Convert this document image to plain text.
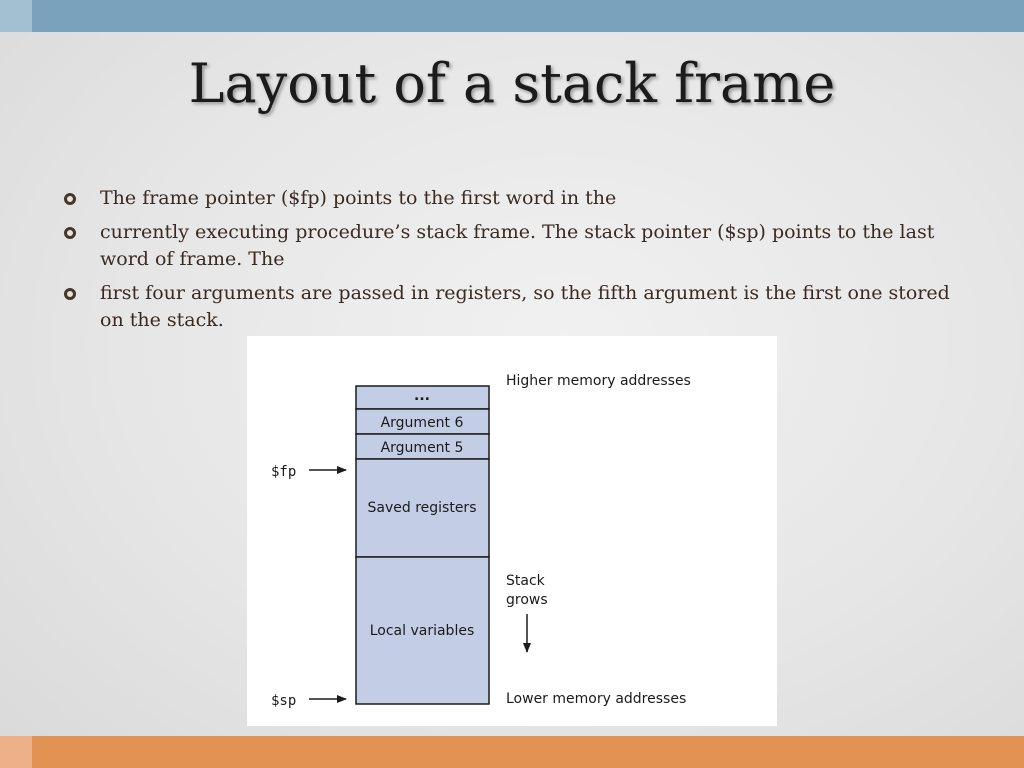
Layout of a stack frame
The frame pointer ($fp) points to the first word in the
currently executing procedure’s stack frame. The stack pointer ($sp) points to the last word of frame. The
first four arguments are passed in registers, so the fifth argument is the first one stored on the stack.
...
Argument 6
Argument 5
Saved registers
Local variables
$fp
$sp
Higher memory addresses
Stack
grows
Lower memory addresses
